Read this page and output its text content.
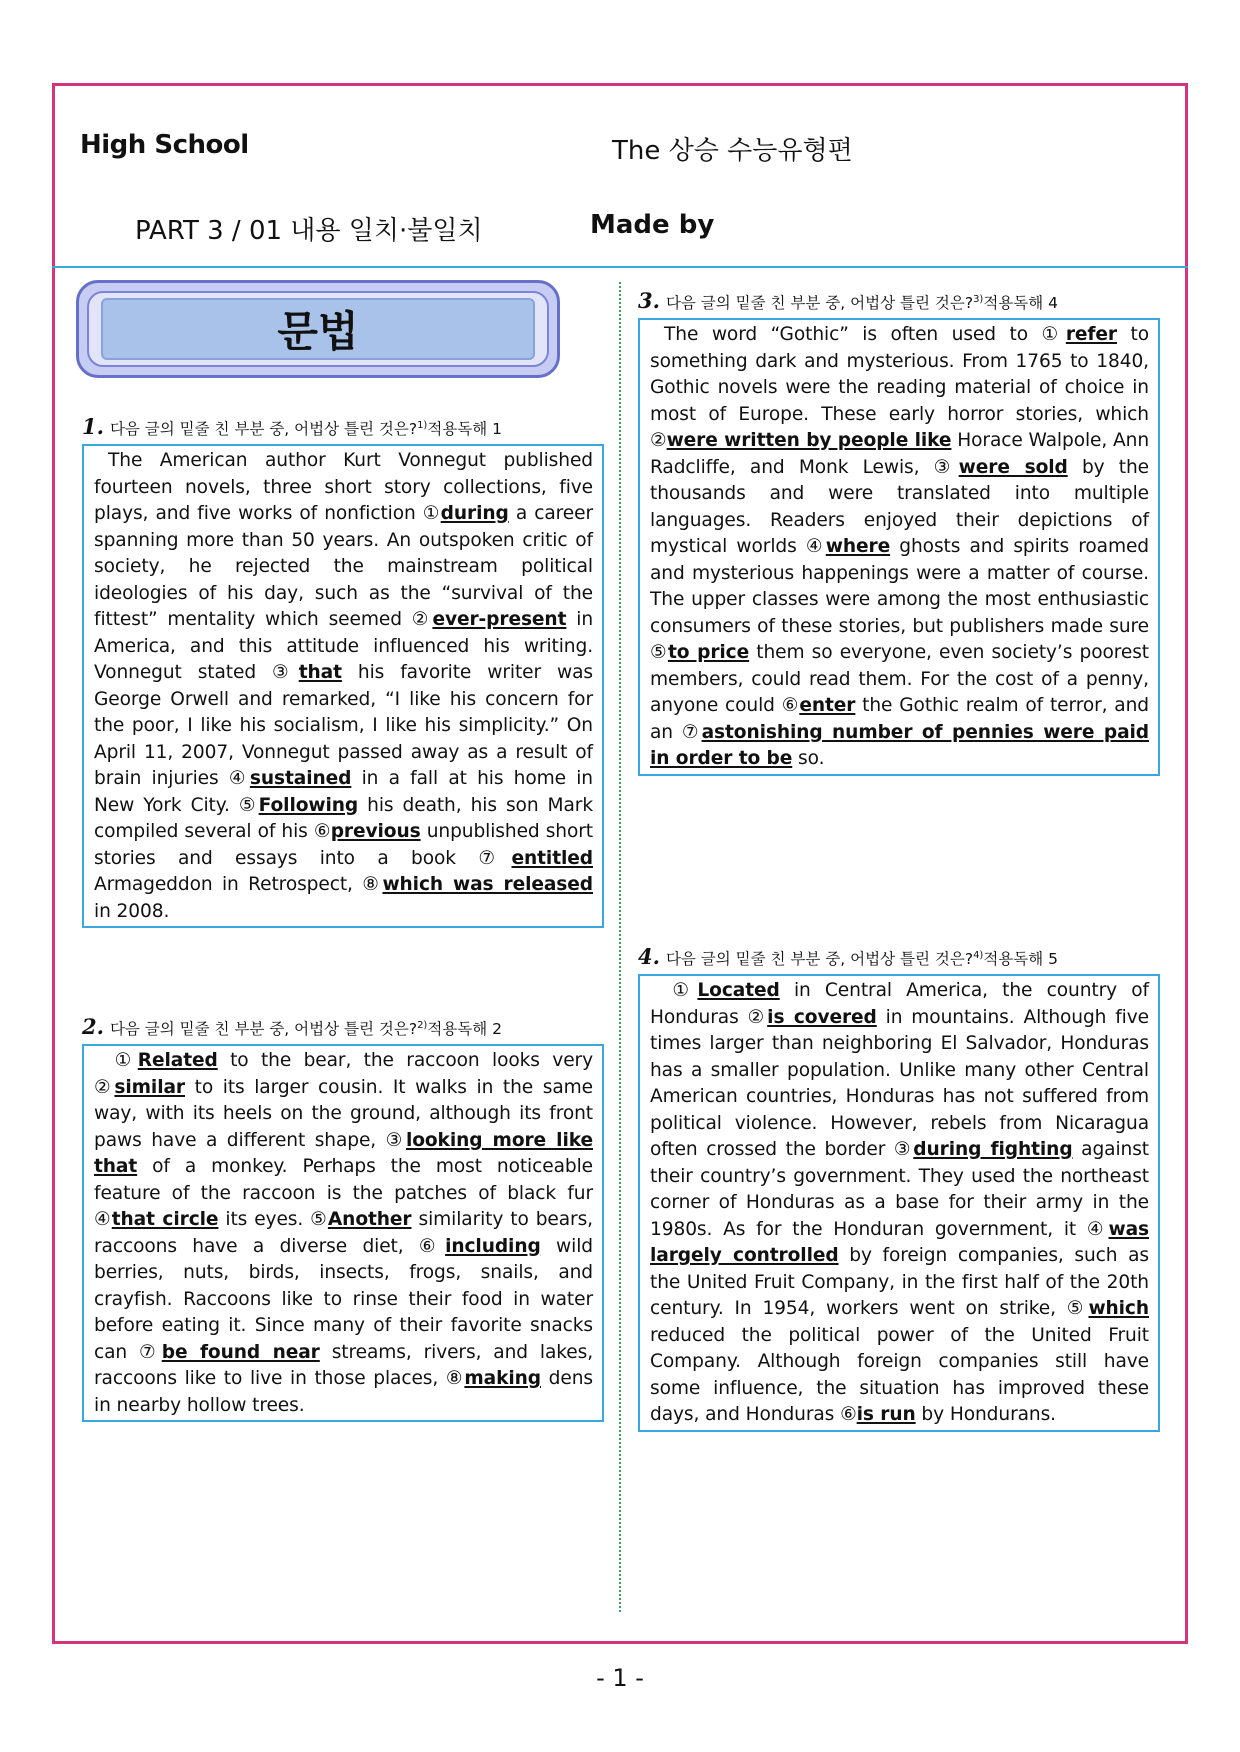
High School	The 상승 수능유형편
PART 3 / 01 내용 일치·불일치	Made by
문법
1. 다음 글의 밑줄 친 부분 중, 어법상 틀린 것은?$^{1)}$적용독해 1
The American author Kurt Vonnegut published fourteen novels, three short story collections, five plays, and five works of nonfiction ①during a career spanning more than 50 years. An outspoken critic of society, he rejected the mainstream political ideologies of his day, such as the “survival of the fittest” mentality which seemed ②ever-present in America, and this attitude influenced his writing. Vonnegut stated ③that his favorite writer was George Orwell and remarked, “I like his concern for the poor, I like his socialism, I like his simplicity.” On April 11, 2007, Vonnegut passed away as a result of brain injuries ④sustained in a fall at his home in New York City. ⑤Following his death, his son Mark compiled several of his ⑥previous unpublished short stories and essays into a book ⑦entitled Armageddon in Retrospect, ⑧which was released in 2008.
2. 다음 글의 밑줄 친 부분 중, 어법상 틀린 것은?$^{2)}$적용독해 2
①Related to the bear, the raccoon looks very ②similar to its larger cousin. It walks in the same way, with its heels on the ground, although its front paws have a different shape, ③looking more like that of a monkey. Perhaps the most noticeable feature of the raccoon is the patches of black fur ④that circle its eyes. ⑤Another similarity to bears, raccoons have a diverse diet, ⑥including wild berries, nuts, birds, insects, frogs, snails, and crayfish. Raccoons like to rinse their food in water before eating it. Since many of their favorite snacks can ⑦be found near streams, rivers, and lakes, raccoons like to live in those places, ⑧making dens in nearby hollow trees.
3. 다음 글의 밑줄 친 부분 중, 어법상 틀린 것은?$^{3)}$적용독해 4
The word “Gothic” is often used to ①refer to something dark and mysterious. From 1765 to 1840, Gothic novels were the reading material of choice in most of Europe. These early horror stories, which ②were written by people like Horace Walpole, Ann Radcliffe, and Monk Lewis, ③were sold by the thousands and were translated into multiple languages. Readers enjoyed their depictions of mystical worlds ④where ghosts and spirits roamed and mysterious happenings were a matter of course. The upper classes were among the most enthusiastic consumers of these stories, but publishers made sure ⑤to price them so everyone, even society’s poorest members, could read them. For the cost of a penny, anyone could ⑥enter the Gothic realm of terror, and an ⑦astonishing number of pennies were paid in order to be so.
4. 다음 글의 밑줄 친 부분 중, 어법상 틀린 것은?$^{4)}$적용독해 5
①Located in Central America, the country of Honduras ②is covered in mountains. Although five times larger than neighboring El Salvador, Honduras has a smaller population. Unlike many other Central American countries, Honduras has not suffered from political violence. However, rebels from Nicaragua often crossed the border ③during fighting against their country’s government. They used the northeast corner of Honduras as a base for their army in the 1980s. As for the Honduran government, it ④was largely controlled by foreign companies, such as the United Fruit Company, in the first half of the 20th century. In 1954, workers went on strike, ⑤which reduced the political power of the United Fruit Company. Although foreign companies still have some influence, the situation has improved these days, and Honduras ⑥is run by Hondurans.
- 1 -
